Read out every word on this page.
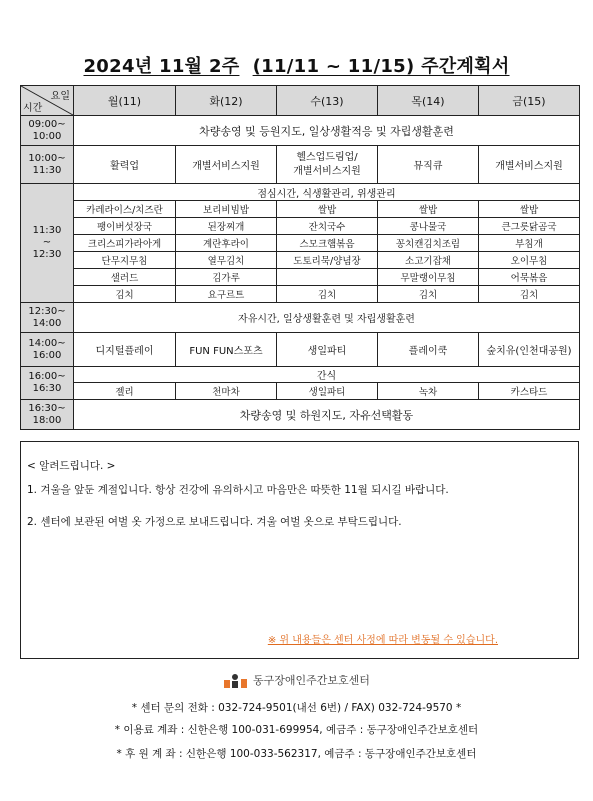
2024년 11월 2주 (11/11 ~ 11/15) 주간계획서
요일
시간	월(11)	화(12)	수(13)	목(14)	금(15)
09:00~
10:00	차량송영 및 등원지도, 일상생활적응 및 자립생활훈련				
10:00~
11:30	활력업	개별서비스지원	헬스업드림업/
개별서비스지원	뮤직큐	개별서비스지원
11:30
~
12:30	점심시간, 식생활관리, 위생관리				
	카레라이스/치즈란	보리비빔밥	쌀밥	쌀밥	쌀밥
	팽이버섯장국	된장찌개	잔치국수	콩나물국	큰그릇닭곰국
	크리스피가라아게	계란후라이	스모크햄볶음	꽁치캔김치조림	부침개
	단무지무침	열무김치	도토리묵/양념장	소고기잡채	오이무침
	샐러드	김가루		무말랭이무침	어묵볶음
	김치	요구르트	김치	김치	김치
12:30~
14:00	자유시간, 일상생활훈련 및 자립생활훈련				
14:00~
16:00	디지털플레이	FUN FUN스포츠	생일파티	플레이쿡	숲치유(인천대공원)
16:00~
16:30	간식				
	젤리	천마차	생일파티	녹차	카스타드
16:30~
18:00	차량송영 및 하원지도, 자유선택활동				
< 알려드립니다. >
1. 겨울을 앞둔 계절입니다. 항상 건강에 유의하시고 마음만은 따뜻한 11월 되시길 바랍니다.
2. 센터에 보관된 여벌 옷 가정으로 보내드립니다. 겨울 여벌 옷으로 부탁드립니다.
※ 위 내용들은 센터 사정에 따라 변동될 수 있습니다.
동구장애인주간보호센터
* 센터 문의 전화 : 032-724-9501(내선 6번) / FAX) 032-724-9570 *
* 이용료 계좌 : 신한은행 100-031-699954, 예금주 : 동구장애인주간보호센터
* 후 원 계 좌 : 신한은행 100-033-562317, 예금주 : 동구장애인주간보호센터
